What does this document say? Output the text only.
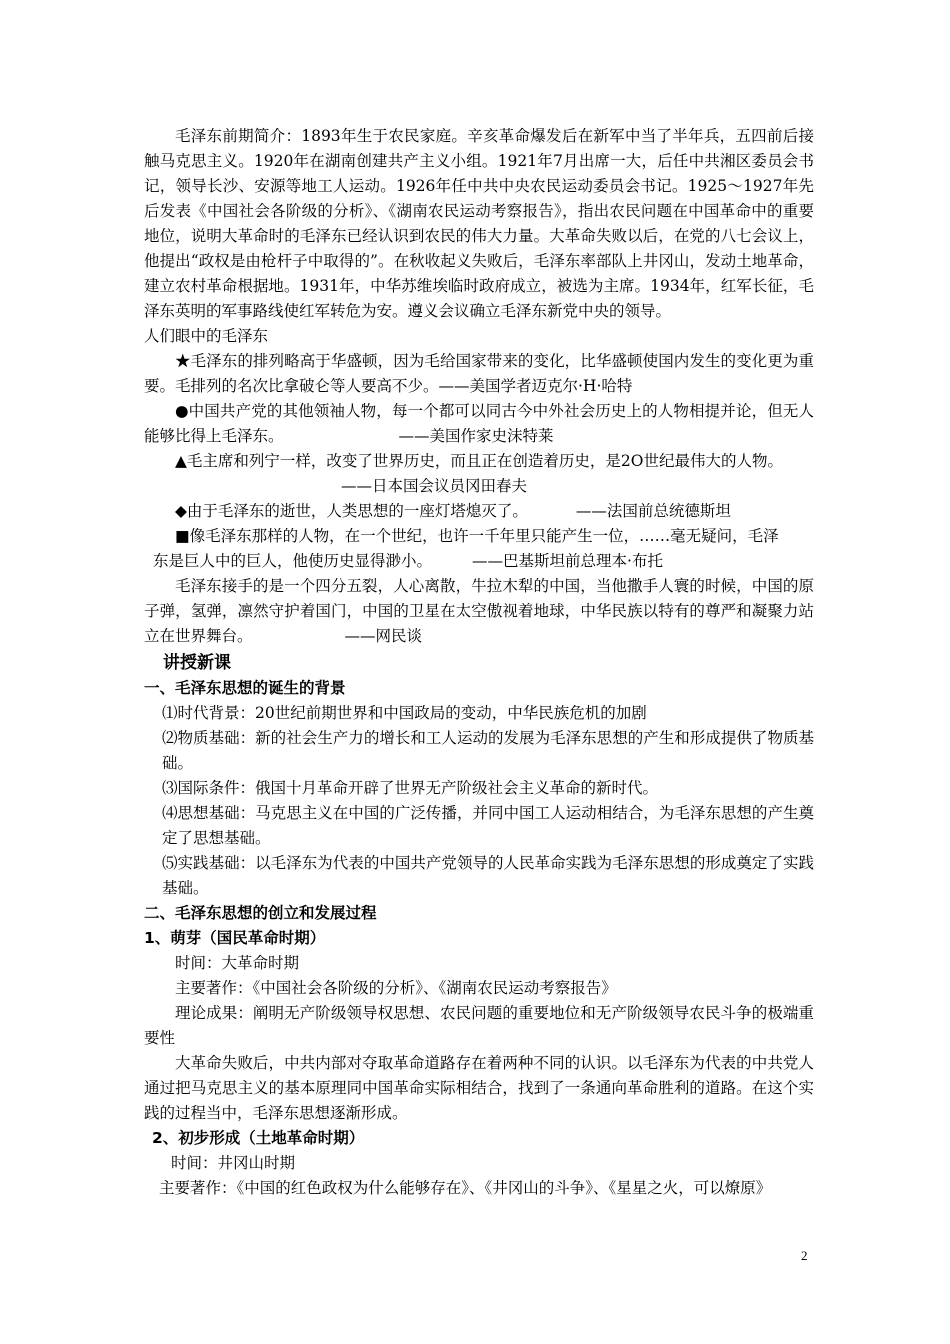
毛泽东前期简介：1893年生于农民家庭。辛亥革命爆发后在新军中当了半年兵，五四前后接触马克思主义。1920年在湖南创建共产主义小组。1921年7月出席一大，后任中共湘区委员会书记，领导长沙、安源等地工人运动。1926年任中共中央农民运动委员会书记。1925～1927年先后发表《中国社会各阶级的分析》、《湖南农民运动考察报告》，指出农民问题在中国革命中的重要地位，说明大革命时的毛泽东已经认识到农民的伟大力量。大革命失败以后，在党的八七会议上，他提出“政权是由枪杆子中取得的”。在秋收起义失败后，毛泽东率部队上井冈山，发动土地革命，建立农村革命根据地。1931年，中华苏维埃临时政府成立，被选为主席。1934年，红军长征，毛泽东英明的军事路线使红军转危为安。遵义会议确立毛泽东新党中央的领导。

人们眼中的毛泽东

★毛泽东的排列略高于华盛顿，因为毛给国家带来的变化，比华盛顿使国内发生的变化更为重要。毛排列的名次比拿破仑等人要高不少。——美国学者迈克尔·H·哈特

●中国共产党的其他领袖人物，每一个都可以同古今中外社会历史上的人物相提并论，但无人能够比得上毛泽东。	——美国作家史沫特莱

▲毛主席和列宁一样，改变了世界历史，而且正在创造着历史，是2O世纪最伟大的人物。

——日本国会议员冈田春夫

◆由于毛泽东的逝世，人类思想的一座灯塔熄灭了。	——法国前总统德斯坦

■像毛泽东那样的人物，在一个世纪，也许一千年里只能产生一位，……毫无疑问，毛泽

东是巨人中的巨人，他使历史显得渺小。	——巴基斯坦前总理本·布托

毛泽东接手的是一个四分五裂，人心离散，牛拉木犁的中国，当他撒手人寰的时候，中国的原子弹，氢弹，凛然守护着国门，中国的卫星在太空傲视着地球，中华民族以特有的尊严和凝聚力站立在世界舞台。	——网民谈

讲授新课

一、毛泽东思想的诞生的背景

⑴时代背景：20世纪前期世界和中国政局的变动，中华民族危机的加剧

⑵物质基础：新的社会生产力的增长和工人运动的发展为毛泽东思想的产生和形成提供了物质基础。

⑶国际条件：俄国十月革命开辟了世界无产阶级社会主义革命的新时代。

⑷思想基础：马克思主义在中国的广泛传播，并同中国工人运动相结合，为毛泽东思想的产生奠定了思想基础。

⑸实践基础：以毛泽东为代表的中国共产党领导的人民革命实践为毛泽东思想的形成奠定了实践基础。

二、毛泽东思想的创立和发展过程

1、萌芽（国民革命时期）

时间：大革命时期

主要著作：《中国社会各阶级的分析》、《湖南农民运动考察报告》

理论成果：阐明无产阶级领导权思想、农民问题的重要地位和无产阶级领导农民斗争的极端重要性

大革命失败后，中共内部对夺取革命道路存在着两种不同的认识。以毛泽东为代表的中共党人通过把马克思主义的基本原理同中国革命实际相结合，找到了一条通向革命胜利的道路。在这个实践的过程当中，毛泽东思想逐渐形成。

2、初步形成（土地革命时期）

时间：井冈山时期

主要著作：《中国的红色政权为什么能够存在》、《井冈山的斗争》、《星星之火，可以燎原》

2
